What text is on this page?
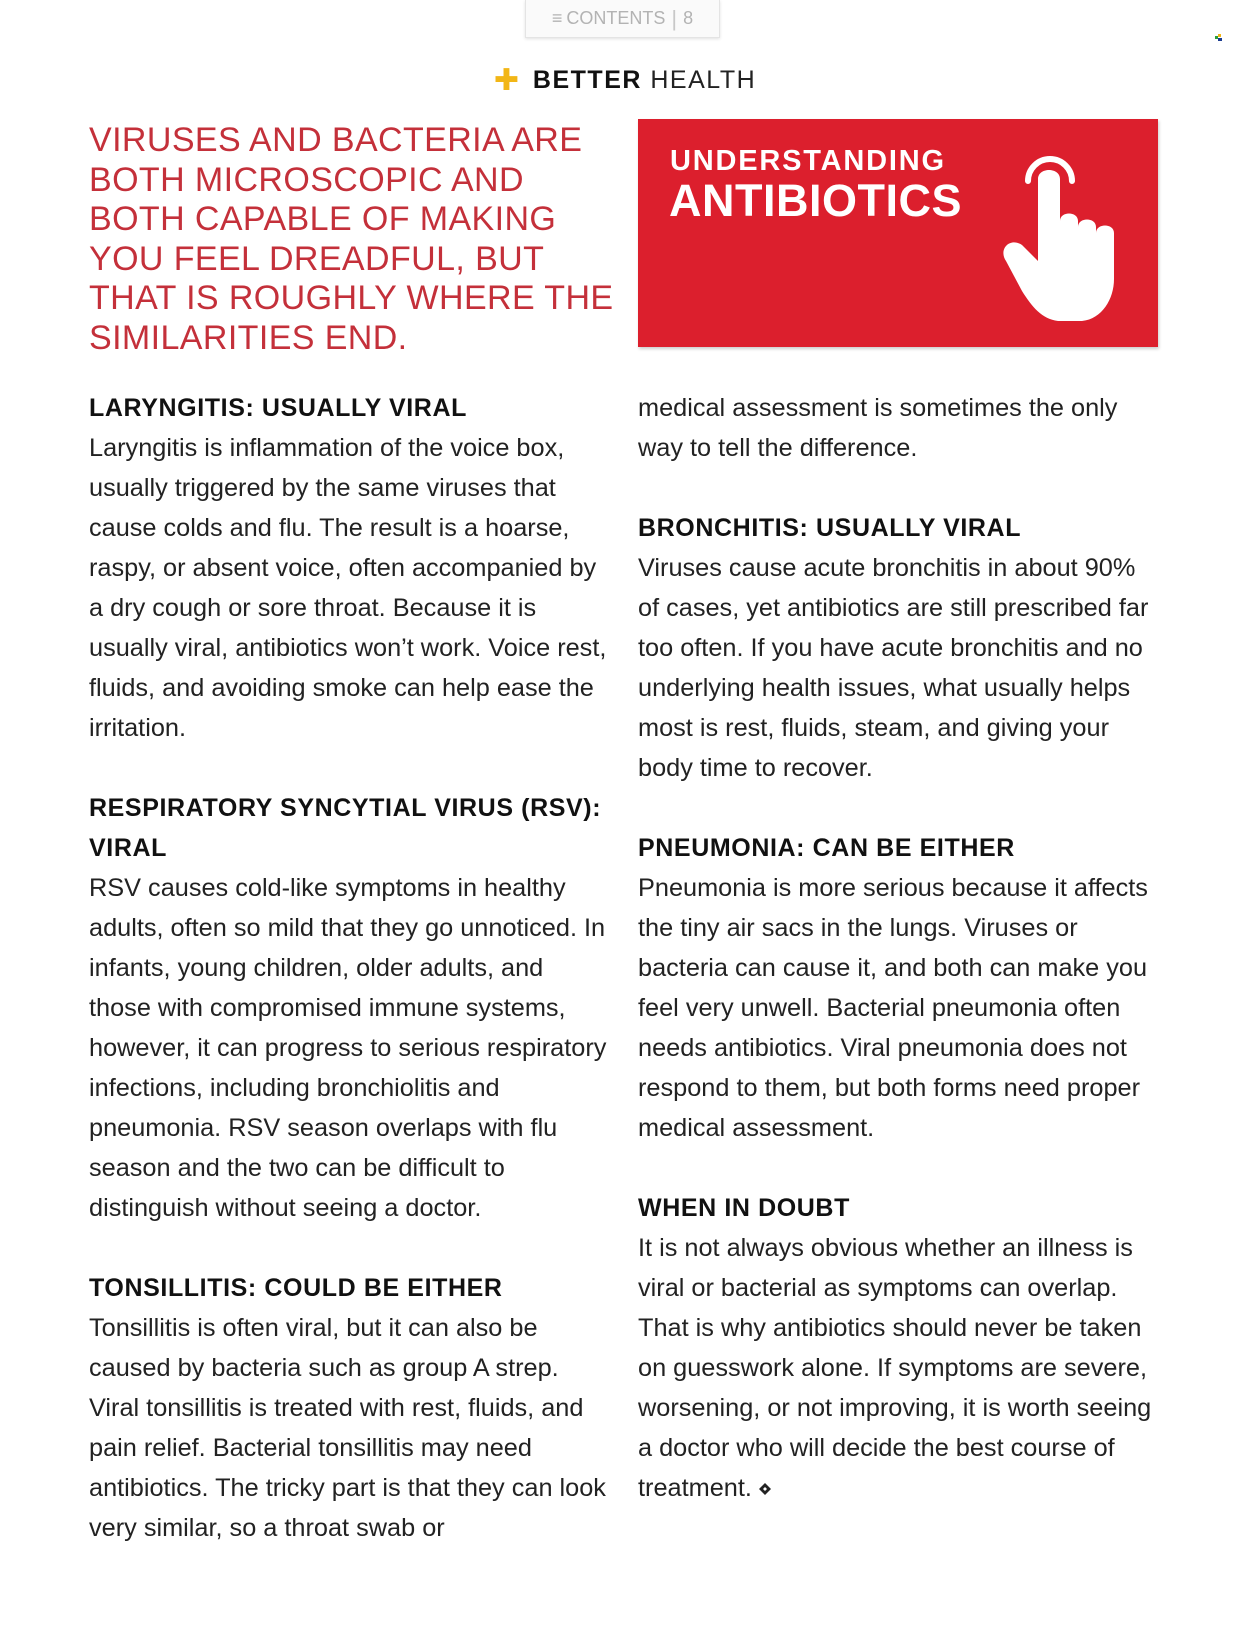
≡ CONTENTS | 8
✚ BETTER HEALTH

VIRUSES AND BACTERIA ARE BOTH MICROSCOPIC AND BOTH CAPABLE OF MAKING YOU FEEL DREADFUL, BUT THAT IS ROUGHLY WHERE THE SIMILARITIES END.

UNDERSTANDING

ANTIBIOTICS

LARYNGITIS: USUALLY VIRAL

Laryngitis is inflammation of the voice box, usually triggered by the same viruses that cause colds and flu. The result is a hoarse, raspy, or absent voice, often accompanied by a dry cough or sore throat. Because it is usually viral, antibiotics won’t work. Voice rest, fluids, and avoiding smoke can help ease the irritation.

RESPIRATORY SYNCYTIAL VIRUS (RSV): VIRAL

RSV causes cold-like symptoms in healthy adults, often so mild that they go unnoticed. In infants, young children, older adults, and those with compromised immune systems, however, it can progress to serious respiratory infections, including bronchiolitis and pneumonia. RSV season overlaps with flu season and the two can be difficult to distinguish without seeing a doctor.

TONSILLITIS: COULD BE EITHER

Tonsillitis is often viral, but it can also be caused by bacteria such as group A strep. Viral tonsillitis is treated with rest, fluids, and pain relief. Bacterial tonsillitis may need antibiotics. The tricky part is that they can look very similar, so a throat swab or

medical assessment is sometimes the only way to tell the difference.

BRONCHITIS: USUALLY VIRAL

Viruses cause acute bronchitis in about 90% of cases, yet antibiotics are still prescribed far too often. If you have acute bronchitis and no underlying health issues, what usually helps most is rest, fluids, steam, and giving your body time to recover.

PNEUMONIA: CAN BE EITHER

Pneumonia is more serious because it affects the tiny air sacs in the lungs. Viruses or bacteria can cause it, and both can make you feel very unwell. Bacterial pneumonia often needs antibiotics. Viral pneumonia does not respond to them, but both forms need proper medical assessment.

WHEN IN DOUBT

It is not always obvious whether an illness is viral or bacterial as symptoms can overlap. That is why antibiotics should never be taken on guesswork alone. If symptoms are severe, worsening, or not improving, it is worth seeing a doctor who will decide the best course of treatment.
